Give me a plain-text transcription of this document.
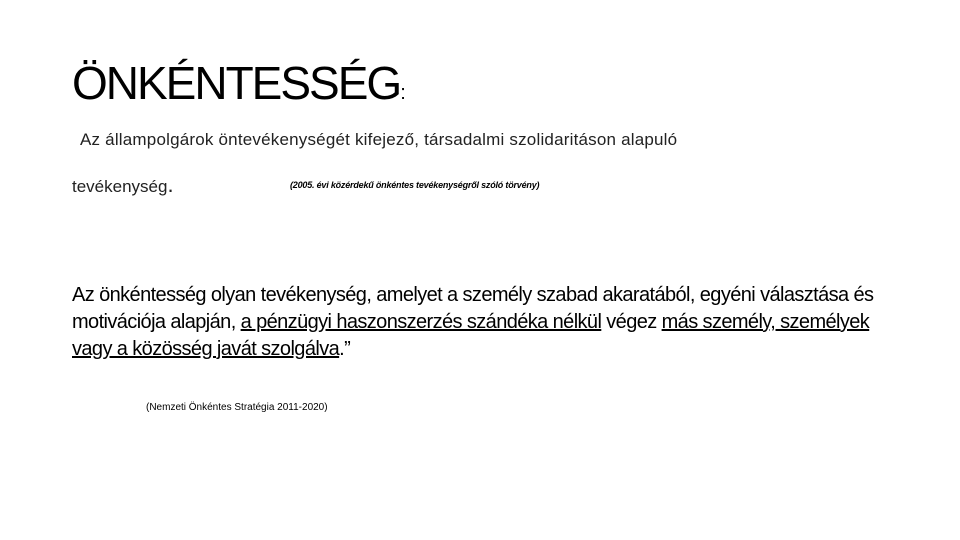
ÖNKÉNTESSÉG:
Az állampolgárok öntevékenységét kifejező, társadalmi szolidaritáson alapuló
tevékenység.	(2005. évi közérdekű önkéntes tevékenységről szóló törvény)
Az önkéntesség olyan tevékenység, amelyet a személy szabad akaratából, egyéni választása és motivációja alapján, a pénzügyi haszonszerzés szándéka nélkül végez más személy, személyek vagy a közösség javát szolgálva.”
(Nemzeti Önkéntes Stratégia 2011-2020)
